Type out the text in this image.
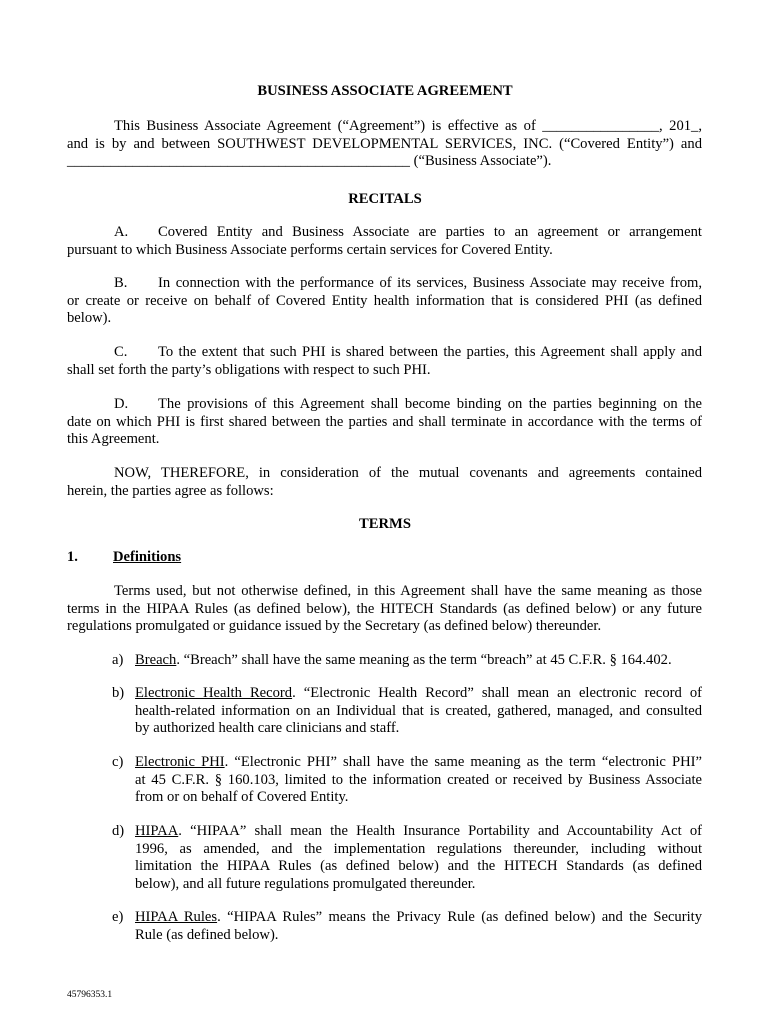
BUSINESS ASSOCIATE AGREEMENT
This Business Associate Agreement (“Agreement”) is effective as of ________________, 201_,
and is by and between SOUTHWEST DEVELOPMENTAL SERVICES, INC. (“Covered Entity”) and
_______________________________________________ (“Business Associate”).
RECITALS
A. Covered Entity and Business Associate are parties to an agreement or arrangement
pursuant to which Business Associate performs certain services for Covered Entity.
B. In connection with the performance of its services, Business Associate may receive from,
or create or receive on behalf of Covered Entity health information that is considered PHI (as defined
below).
C. To the extent that such PHI is shared between the parties, this Agreement shall apply and
shall set forth the party’s obligations with respect to such PHI.
D. The provisions of this Agreement shall become binding on the parties beginning on the
date on which PHI is first shared between the parties and shall terminate in accordance with the terms of
this Agreement.
NOW, THEREFORE, in consideration of the mutual covenants and agreements contained
herein, the parties agree as follows:
TERMS
1. Definitions
Terms used, but not otherwise defined, in this Agreement shall have the same meaning as those
terms in the HIPAA Rules (as defined below), the HITECH Standards (as defined below) or any future
regulations promulgated or guidance issued by the Secretary (as defined below) thereunder.
a) Breach. “Breach” shall have the same meaning as the term “breach” at 45 C.F.R. § 164.402.
b) Electronic Health Record. “Electronic Health Record” shall mean an electronic record of
health-related information on an Individual that is created, gathered, managed, and consulted
by authorized health care clinicians and staff.
c) Electronic PHI. “Electronic PHI” shall have the same meaning as the term “electronic PHI”
at 45 C.F.R. § 160.103, limited to the information created or received by Business Associate
from or on behalf of Covered Entity.
d) HIPAA. “HIPAA” shall mean the Health Insurance Portability and Accountability Act of
1996, as amended, and the implementation regulations thereunder, including without
limitation the HIPAA Rules (as defined below) and the HITECH Standards (as defined
below), and all future regulations promulgated thereunder.
e) HIPAA Rules. “HIPAA Rules” means the Privacy Rule (as defined below) and the Security
Rule (as defined below).
45796353.1
